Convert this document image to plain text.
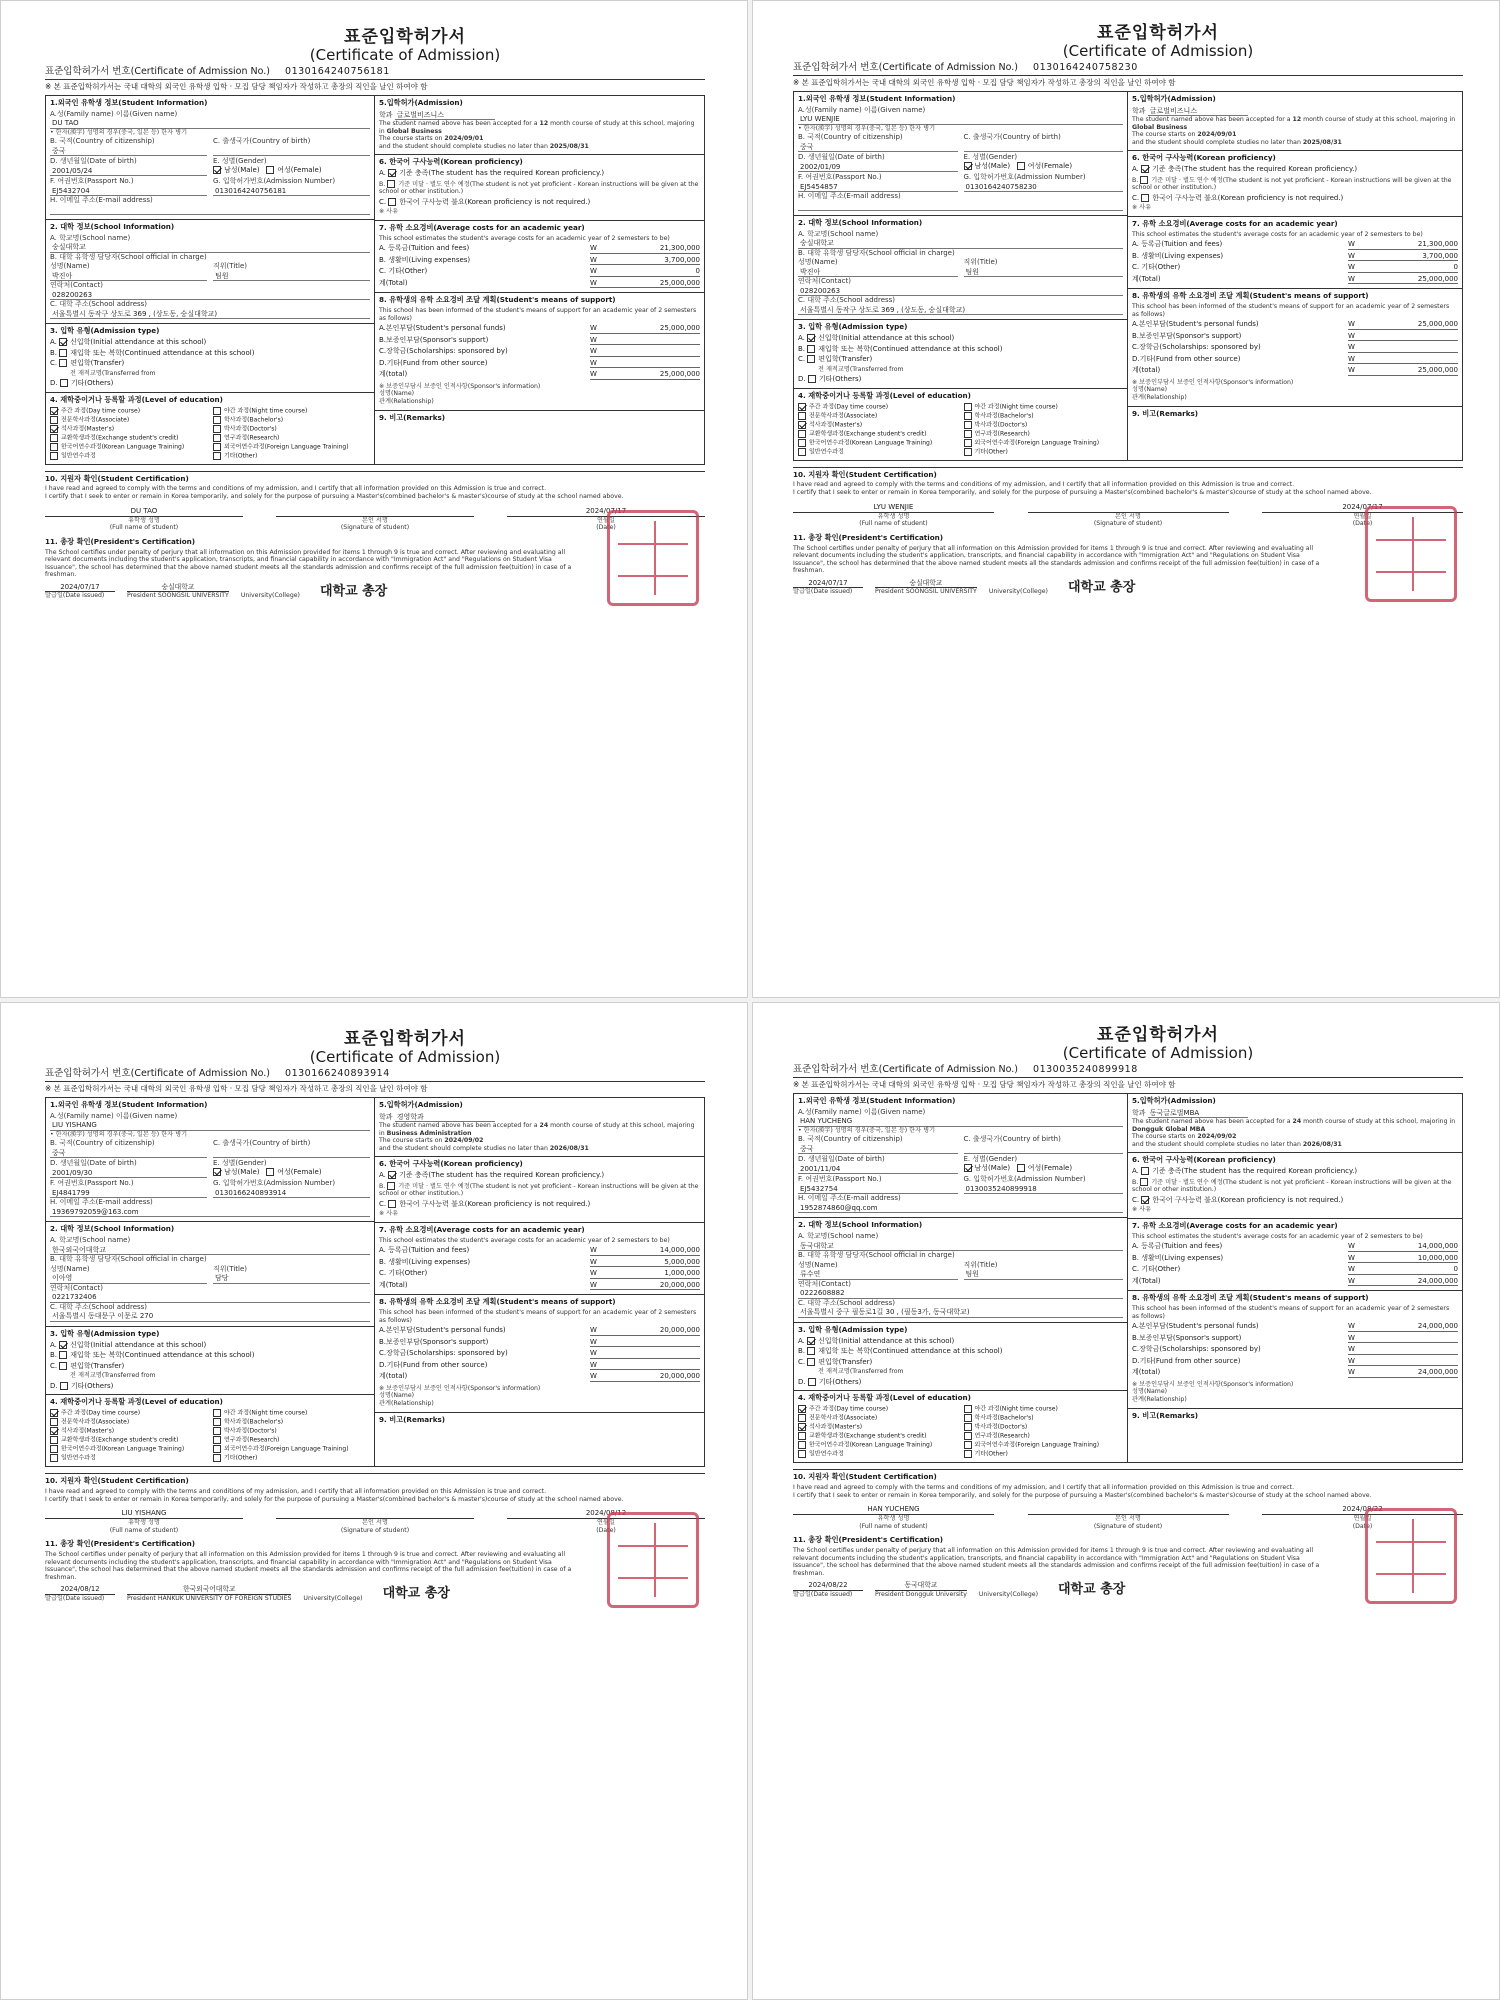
표준입학허가서
(Certificate of Admission)
표준입학허가서 번호(Certificate of Admission No.) 0130164240756181
※ 본 표준입학허가서는 국내 대학의 외국인 유학생 입학 · 모집 담당 책임자가 작성하고 총장의 직인을 날인 하여야 함
1.외국인 유학생 정보(Student Information)
A.성(Family name) 이름(Given name)
DU TAO
• 한자(漢字) 성명의 경우(중국, 일본 등) 한자 병기
B. 국적(Country of citizenship)
중국
C. 출생국가(Country of birth)
D. 생년월일(Date of birth)
2001/05/24
E. 성별(Gender)
남성(Male)	여성(Female)
F. 여권번호(Passport No.)
EJ5432704
G. 입학허가번호(Admission Number)
0130164240756181
H. 이메일 주소(E-mail address)
2. 대학 정보(School Information)
A. 학교명(School name)
숭실대학교
B. 대학 유학생 담당자(School official in charge)
성명(Name)
박진아
직위(Title)
팀원
연락처(Contact)
028200263
C. 대학 주소(School address)
서울특별시 동작구 상도로 369 , (상도동, 숭실대학교)
3. 입학 유형(Admission type)
A. 신입학(Initial attendance at this school)
B. 재입학 또는 복학(Continued attendance at this school)
C. 편입학(Transfer)
전 재적교명(Transferred from
D. 기타(Others)
4. 재학중이거나 등록할 과정(Level of education)
주간 과정(Day time course)	야간 과정(Night time course)
전문학사과정(Associate)	학사과정(Bachelor's)
석사과정(Master's)	박사과정(Doctor's)
교환학생과정(Exchange student's credit)	연구과정(Research)
한국어연수과정(Korean Language Training)	외국어연수과정(Foreign Language Training)
일반연수과정	기타(Other)
5.입학허가(Admission)
학과 글로벌비즈니스
The student named above has been accepted for a 12 month course of study at this school, majoring in Global Business
The course starts on 2024/09/01
and the student should complete studies no later than 2025/08/31
6. 한국어 구사능력(Korean proficiency)
A. 기준 충족(The student has the required Korean proficiency.)
B. 기준 미달 · 별도 연수 예정(The student is not yet proficient - Korean instructions will be given at the school or other institution.)
C. 한국어 구사능력 불요(Korean proficiency is not required.)
※ 사유
7. 유학 소요경비(Average costs for an academic year)
This school estimates the student's average costs for an academic year of 2 semesters to be)
A. 등록금(Tuition and fees)	W	21,300,000
B. 생활비(Living expenses)	W	3,700,000
C. 기타(Other)	W	0
계(Total)	W	25,000,000
8. 유학생의 유학 소요경비 조달 계획(Student's means of support)
This school has been informed of the student's means of support for an academic year of 2 semesters as follows)
A.본인부담(Student's personal funds)	W	25,000,000
B.보증인부담(Sponsor's support)	W
C.장학금(Scholarships: sponsored by)	W
D.기타(Fund from other source)	W
계(total)	W	25,000,000
※ 보증인부담시 보증인 인적사항(Sponsor's information)
성명(Name)
관계(Relationship)
9. 비고(Remarks)
10. 지원자 확인(Student Certification)
I have read and agreed to comply with the terms and conditions of my admission, and I certify that all information provided on this Admission is true and correct.
I certify that I seek to enter or remain in Korea temporarily, and solely for the purpose of pursuing a Master's(combined bachelor's & master's)course of study at the school named above.
DU TAO
유학생 성명
(Full name of student)
본인 서명
(Signature of student)
2024/07/17
연월일
(Date)
11. 총장 확인(President's Certification)
The School certifies under penalty of perjury that all information on this Admission provided for items 1 through 9 is true and correct. After reviewing and evaluating all relevant documents including the student's application, transcripts, and financial capability in accordance with "Immigration Act" and "Regulations on Student Visa Issuance", the school has determined that the above named student meets all the standards admission and confirms receipt of the full admission fee(tuition) in case of a freshman.
2024/07/17
발급일(Date issued)
숭실대학교
President SOONGSIL UNIVERSITY University(College) 대학교 총장
표준입학허가서
(Certificate of Admission)
표준입학허가서 번호(Certificate of Admission No.) 0130164240758230
※ 본 표준입학허가서는 국내 대학의 외국인 유학생 입학 · 모집 담당 책임자가 작성하고 총장의 직인을 날인 하여야 함
1.외국인 유학생 정보(Student Information)
A.성(Family name) 이름(Given name)
LYU WENJIE
• 한자(漢字) 성명의 경우(중국, 일본 등) 한자 병기
B. 국적(Country of citizenship)
중국
C. 출생국가(Country of birth)
D. 생년월일(Date of birth)
2002/01/09
E. 성별(Gender)
남성(Male)	여성(Female)
F. 여권번호(Passport No.)
EJ5454857
G. 입학허가번호(Admission Number)
0130164240758230
H. 이메일 주소(E-mail address)
2. 대학 정보(School Information)
A. 학교명(School name)
숭실대학교
B. 대학 유학생 담당자(School official in charge)
성명(Name)
박진아
직위(Title)
팀원
연락처(Contact)
028200263
C. 대학 주소(School address)
서울특별시 동작구 상도로 369 , (상도동, 숭실대학교)
3. 입학 유형(Admission type)
A. 신입학(Initial attendance at this school)
B. 재입학 또는 복학(Continued attendance at this school)
C. 편입학(Transfer)
전 재적교명(Transferred from
D. 기타(Others)
4. 재학중이거나 등록할 과정(Level of education)
주간 과정(Day time course)	야간 과정(Night time course)
전문학사과정(Associate)	학사과정(Bachelor's)
석사과정(Master's)	박사과정(Doctor's)
교환학생과정(Exchange student's credit)	연구과정(Research)
한국어연수과정(Korean Language Training)	외국어연수과정(Foreign Language Training)
일반연수과정	기타(Other)
5.입학허가(Admission)
학과 글로벌비즈니스
The student named above has been accepted for a 12 month course of study at this school, majoring in Global Business
The course starts on 2024/09/01
and the student should complete studies no later than 2025/08/31
6. 한국어 구사능력(Korean proficiency)
A. 기준 충족(The student has the required Korean proficiency.)
B. 기준 미달 · 별도 연수 예정(The student is not yet proficient - Korean instructions will be given at the school or other institution.)
C. 한국어 구사능력 불요(Korean proficiency is not required.)
※ 사유
7. 유학 소요경비(Average costs for an academic year)
This school estimates the student's average costs for an academic year of 2 semesters to be)
A. 등록금(Tuition and fees)	W	21,300,000
B. 생활비(Living expenses)	W	3,700,000
C. 기타(Other)	W	0
계(Total)	W	25,000,000
8. 유학생의 유학 소요경비 조달 계획(Student's means of support)
This school has been informed of the student's means of support for an academic year of 2 semesters as follows)
A.본인부담(Student's personal funds)	W	25,000,000
B.보증인부담(Sponsor's support)	W
C.장학금(Scholarships: sponsored by)	W
D.기타(Fund from other source)	W
계(total)	W	25,000,000
※ 보증인부담시 보증인 인적사항(Sponsor's information)
성명(Name)
관계(Relationship)
9. 비고(Remarks)
10. 지원자 확인(Student Certification)
I have read and agreed to comply with the terms and conditions of my admission, and I certify that all information provided on this Admission is true and correct.
I certify that I seek to enter or remain in Korea temporarily, and solely for the purpose of pursuing a Master's(combined bachelor's & master's)course of study at the school named above.
LYU WENJIE
유학생 성명
(Full name of student)
본인 서명
(Signature of student)
2024/07/17
연월일
(Date)
11. 총장 확인(President's Certification)
The School certifies under penalty of perjury that all information on this Admission provided for items 1 through 9 is true and correct. After reviewing and evaluating all relevant documents including the student's application, transcripts, and financial capability in accordance with "Immigration Act" and "Regulations on Student Visa Issuance", the school has determined that the above named student meets all the standards admission and confirms receipt of the full admission fee(tuition) in case of a freshman.
2024/07/17
발급일(Date issued)
숭실대학교
President SOONGSIL UNIVERSITY University(College) 대학교 총장
표준입학허가서
(Certificate of Admission)
표준입학허가서 번호(Certificate of Admission No.) 0130166240893914
※ 본 표준입학허가서는 국내 대학의 외국인 유학생 입학 · 모집 담당 책임자가 작성하고 총장의 직인을 날인 하여야 함
1.외국인 유학생 정보(Student Information)
A.성(Family name) 이름(Given name)
LIU YISHANG
• 한자(漢字) 성명의 경우(중국, 일본 등) 한자 병기
B. 국적(Country of citizenship)
중국
C. 출생국가(Country of birth)
D. 생년월일(Date of birth)
2001/09/30
E. 성별(Gender)
남성(Male)	여성(Female)
F. 여권번호(Passport No.)
EJ4841799
G. 입학허가번호(Admission Number)
0130166240893914
H. 이메일 주소(E-mail address)
19369792059@163.com
2. 대학 정보(School Information)
A. 학교명(School name)
한국외국어대학교
B. 대학 유학생 담당자(School official in charge)
성명(Name)
이아영
직위(Title)
담당
연락처(Contact)
0221732406
C. 대학 주소(School address)
서울특별시 동대문구 이문로 270
3. 입학 유형(Admission type)
A. 신입학(Initial attendance at this school)
B. 재입학 또는 복학(Continued attendance at this school)
C. 편입학(Transfer)
전 재적교명(Transferred from
D. 기타(Others)
4. 재학중이거나 등록할 과정(Level of education)
주간 과정(Day time course)	야간 과정(Night time course)
전문학사과정(Associate)	학사과정(Bachelor's)
석사과정(Master's)	박사과정(Doctor's)
교환학생과정(Exchange student's credit)	연구과정(Research)
한국어연수과정(Korean Language Training)	외국어연수과정(Foreign Language Training)
일반연수과정	기타(Other)
5.입학허가(Admission)
학과 경영학과
The student named above has been accepted for a 24 month course of study at this school, majoring in Business Administration
The course starts on 2024/09/02
and the student should complete studies no later than 2026/08/31
6. 한국어 구사능력(Korean proficiency)
A. 기준 충족(The student has the required Korean proficiency.)
B. 기준 미달 · 별도 연수 예정(The student is not yet proficient - Korean instructions will be given at the school or other institution.)
C. 한국어 구사능력 불요(Korean proficiency is not required.)
※ 사유
7. 유학 소요경비(Average costs for an academic year)
This school estimates the student's average costs for an academic year of 2 semesters to be)
A. 등록금(Tuition and fees)	W	14,000,000
B. 생활비(Living expenses)	W	5,000,000
C. 기타(Other)	W	1,000,000
계(Total)	W	20,000,000
8. 유학생의 유학 소요경비 조달 계획(Student's means of support)
This school has been informed of the student's means of support for an academic year of 2 semesters as follows)
A.본인부담(Student's personal funds)	W	20,000,000
B.보증인부담(Sponsor's support)	W
C.장학금(Scholarships: sponsored by)	W
D.기타(Fund from other source)	W
계(total)	W	20,000,000
※ 보증인부담시 보증인 인적사항(Sponsor's information)
성명(Name)
관계(Relationship)
9. 비고(Remarks)
10. 지원자 확인(Student Certification)
I have read and agreed to comply with the terms and conditions of my admission, and I certify that all information provided on this Admission is true and correct.
I certify that I seek to enter or remain in Korea temporarily, and solely for the purpose of pursuing a Master's(combined bachelor's & master's)course of study at the school named above.
LIU YISHANG
유학생 성명
(Full name of student)
본인 서명
(Signature of student)
2024/08/12
연월일
(Date)
11. 총장 확인(President's Certification)
The School certifies under penalty of perjury that all information on this Admission provided for items 1 through 9 is true and correct. After reviewing and evaluating all relevant documents including the student's application, transcripts, and financial capability in accordance with "Immigration Act" and "Regulations on Student Visa Issuance", the school has determined that the above named student meets all the standards admission and confirms receipt of the full admission fee(tuition) in case of a freshman.
2024/08/12
발급일(Date issued)
한국외국어대학교
President HANKUK UNIVERSITY OF FOREIGN STUDIES University(College) 대학교 총장
표준입학허가서
(Certificate of Admission)
표준입학허가서 번호(Certificate of Admission No.) 0130035240899918
※ 본 표준입학허가서는 국내 대학의 외국인 유학생 입학 · 모집 담당 책임자가 작성하고 총장의 직인을 날인 하여야 함
1.외국인 유학생 정보(Student Information)
A.성(Family name) 이름(Given name)
HAN YUCHENG
• 한자(漢字) 성명의 경우(중국, 일본 등) 한자 병기
B. 국적(Country of citizenship)
중국
C. 출생국가(Country of birth)
D. 생년월일(Date of birth)
2001/11/04
E. 성별(Gender)
남성(Male)	여성(Female)
F. 여권번호(Passport No.)
EJ5432754
G. 입학허가번호(Admission Number)
0130035240899918
H. 이메일 주소(E-mail address)
1952874860@qq.com
2. 대학 정보(School Information)
A. 학교명(School name)
동국대학교
B. 대학 유학생 담당자(School official in charge)
성명(Name)
류수연
직위(Title)
팀원
연락처(Contact)
0222608882
C. 대학 주소(School address)
서울특별시 중구 필동로1길 30 , (필동3가, 동국대학교)
3. 입학 유형(Admission type)
A. 신입학(Initial attendance at this school)
B. 재입학 또는 복학(Continued attendance at this school)
C. 편입학(Transfer)
전 재적교명(Transferred from
D. 기타(Others)
4. 재학중이거나 등록할 과정(Level of education)
주간 과정(Day time course)	야간 과정(Night time course)
전문학사과정(Associate)	학사과정(Bachelor's)
석사과정(Master's)	박사과정(Doctor's)
교환학생과정(Exchange student's credit)	연구과정(Research)
한국어연수과정(Korean Language Training)	외국어연수과정(Foreign Language Training)
일반연수과정	기타(Other)
5.입학허가(Admission)
학과 동국글로벌MBA
The student named above has been accepted for a 24 month course of study at this school, majoring in Dongguk Global MBA
The course starts on 2024/09/02
and the student should complete studies no later than 2026/08/31
6. 한국어 구사능력(Korean proficiency)
A. 기준 충족(The student has the required Korean proficiency.)
B. 기준 미달 · 별도 연수 예정(The student is not yet proficient - Korean instructions will be given at the school or other institution.)
C. 한국어 구사능력 불요(Korean proficiency is not required.)
※ 사유
7. 유학 소요경비(Average costs for an academic year)
This school estimates the student's average costs for an academic year of 2 semesters to be)
A. 등록금(Tuition and fees)	W	14,000,000
B. 생활비(Living expenses)	W	10,000,000
C. 기타(Other)	W	0
계(Total)	W	24,000,000
8. 유학생의 유학 소요경비 조달 계획(Student's means of support)
This school has been informed of the student's means of support for an academic year of 2 semesters as follows)
A.본인부담(Student's personal funds)	W	24,000,000
B.보증인부담(Sponsor's support)	W
C.장학금(Scholarships: sponsored by)	W
D.기타(Fund from other source)	W
계(total)	W	24,000,000
※ 보증인부담시 보증인 인적사항(Sponsor's information)
성명(Name)
관계(Relationship)
9. 비고(Remarks)
10. 지원자 확인(Student Certification)
I have read and agreed to comply with the terms and conditions of my admission, and I certify that all information provided on this Admission is true and correct.
I certify that I seek to enter or remain in Korea temporarily, and solely for the purpose of pursuing a Master's(combined bachelor's & master's)course of study at the school named above.
HAN YUCHENG
유학생 성명
(Full name of student)
본인 서명
(Signature of student)
2024/08/22
연월일
(Date)
11. 총장 확인(President's Certification)
The School certifies under penalty of perjury that all information on this Admission provided for items 1 through 9 is true and correct. After reviewing and evaluating all relevant documents including the student's application, transcripts, and financial capability in accordance with "Immigration Act" and "Regulations on Student Visa Issuance", the school has determined that the above named student meets all the standards admission and confirms receipt of the full admission fee(tuition) in case of a freshman.
2024/08/22
발급일(Date issued)
동국대학교
President Dongguk University University(College) 대학교 총장
